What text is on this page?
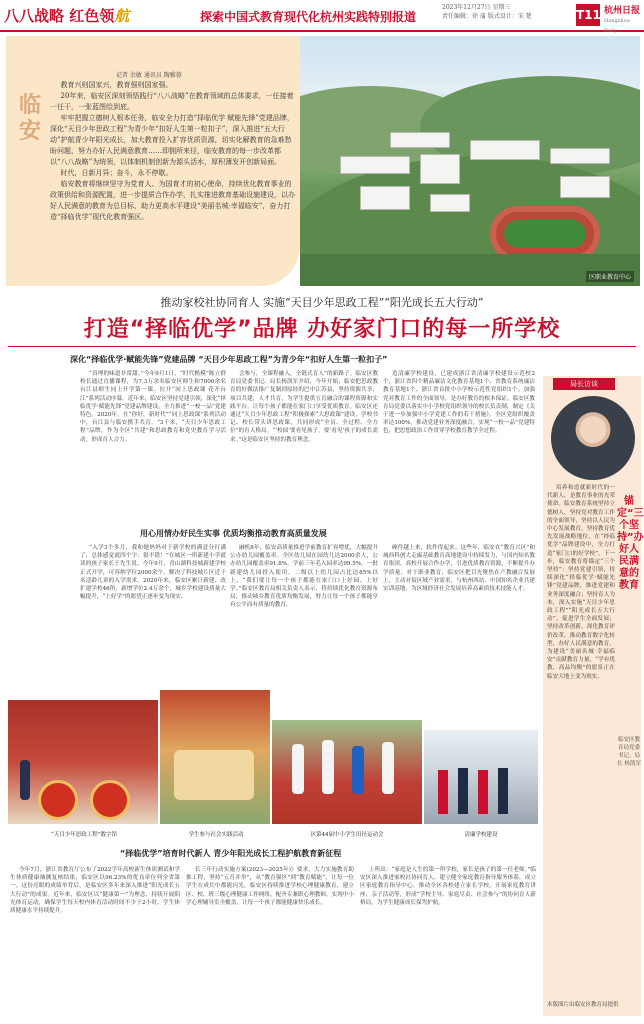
八八战略 红色领航	探索中国式教育现代化杭州实践特别报道
2023年12月27日 星期三
责任编辑：徐 蒲 版式设计：宋 楚	T11 杭州日报
Hangzhou Daily
临安
记者 余敏 通讯员 陶雅蓉

教育兴则国家兴，教育强则国家强。

20年来，临安区深刻领悟践行“八八战略”在教育领域的总体要求，一任接着一任干，一张蓝图绘到底。

牢牢把握立德树人根本任务，临安全力打造“择临优学 赋能先锋”党建品牌，深化“天目少年思政工程”为青少年“扣好人生第一粒扣子”，深入推进“五大行动”护航青少年阳光成长，加大教育投入扩容优质资源，切实化解教育的急难愁盼问题，努力办好人民满意教育……即拥所来径，临安教育的每一步改革都以“八八战略”为统领，以体制机制创新为源头活水，厚积薄发开创新局面。

时代，日新月异；奋斗，永不停歇。

临安教育将继续坚守为党育人、为国育才的初心使命，持续优化教育事业的政策供给和资源配置，进一步提质合作办学，扎实推进教育基础设施建设，以办好人民满意的教育为总目标，助力更高水平建设“美丽名城·幸福临安”，奋力打造“择临优学”现代化教育强区。

区职业教育中心
推动家校社协同育人 实施“天目少年思政工程”“阳光成长五大行动”
打造“择临优学”品牌 办好家门口的每一所学校
深化“择临优学·赋能先锋”党建品牌 “天目少年思政工程”为青少年“扣好人生第一粒扣子”

“真理的味道非常甜。”今年9月1日，“时代楷模”陈立群校长通过直播课程，为7.3万余名临安区师生和7000余名台江县师生同上开学第一课。拉开“同上思政课 花开台江”系列活动序幕。近年来，临安区坚持党建引领，深化“择临优学·赋能先锋”党建品牌建设，全力推进“一校一品”党建特色。2020年，在“你好，新时代”“同上思政课”系列活动中，台江县与临安携手共育。“3千米，“天目少年思政工程”品牌，作为全区“共建”和思政教育和党史教育学习活动，形成育人合力。

会参与，全课程融入，全链式育人”的新路子。临安区教育局党委书记、局长杨凯军介绍，今年开始，临安把思政教育的好做法推广复制到原经的巴中江苏县，坚持资源共享，项目共建，人才共育。为学生提供五育融合的课程资源和实践平台，让每个孩子都能在家门口享受优质教育。临安区还通过“天目少年思政工程”积极探索“大思政课”建设，学校书记、校长带头讲思政课，共同形成“全员、全过程、全方位”的育人格局。“‘校园’要看见孩子，要‘看见’孩子的成长需求。”这是临安区坚持的教育理念。

造清廉学校建设，已建成浙江省清廉学校建设示范校2个，浙江省四个精品廉洁文化教育基地1个、省教育系统廉洁教育基地1个、浙江省首批中小学校示范性党组织1个。加强党对教育工作的全面领导，是办好教育的根本保证。临安区教育局党委以落实中小学校党组织领导的校长负责制，制定《关于进一步加强中小学党建工作的若干措施》，全区党组织覆盖率达100%，推动党建业务深度融合，实现“一校一品”党建特色，把思想政治工作贯穿学校教育教学全过程。

用心用情办好民生实事 优质均衡推动教育高质量发展

“入学3个多月，我和她妈妈对于新学校的满意分打满了，总体感觉就四个字：很不错！”在城区一所新建小学就读的孩子家长王先生说。今年9月，青山湖科技城新建学校正式开学，可容纳学位2000余个，解决了科技城片区近千名适龄儿童的入学需求。2020年来，临安区累计新建、改扩建学校46所，新增学位2.4万余个，城乡学校建设质量大幅提升，“上好学”的愿望正逐步变为现实。

融机8年，临安高质量推进学前教育扩容增优，大幅提升公办幼儿园覆盖率。全区幼儿园在园幼儿达2000余人，公办幼儿园覆盖率91.8%，学前三年毛入园率达99.5%。一批新建幼儿园投入使用，二级以上幼儿园占比达85%以上。“我们要让每一个孩子都能在家门口上好园、上好学。”临安区教育局相关负责人表示，将持续优化教育资源布局，推动城乡教育优质均衡发展，努力让每一个孩子都能享有公平而有质量的教育。

硬件越上来，软件得起来。这些年，临安在“教育兴区”和城西科创大走廊基础教育高地建设中持续发力，与国内知名教育集团、高校开展合作办学，引进优质教育资源，不断提升办学质量。对于职业教育，临安区把目光聚焦在产教融合发展上，主动对接区域产业需求，与杭州西站、中国知名企业共建实训基地，为区域经济社会发展培养高素质技术技能人才。

“天目少年思政工程”数字馆	学生参与社会实践活动	区第44届中小学生田径运动会	清廉学校建设
“择临优学”培育时代新人 青少年阳光成长工程护航教育新征程

今年7月，浙江省教育厅公布了2022学年高校新生体质测试和学生体质健康抽测复核结果，临安区以96.23%的优良率位列全省第一。这份亮眼的成绩单背后，是临安区多年来深入推进“阳光成长五大行动”的成果。近年来，临安区以“健康第一”为理念，持续开展阳光体育运动，确保学生每天校内体育活动时间不少于2小时，学生体质健康水平持续提升。

长三年行动实施方案(2023—2025年)》要求，大力实施教育助推工程，坚持“五育并举”，从“教育强区”到“教育赋能”，让每一位学生在成长中都能闪光。临安区持续推进学校心理健康教育，建立区、校、班三级心理健康工作网络，配齐专兼职心理教师，实现中小学心理辅导室全覆盖，让每一个孩子都能健康快乐成长。

上所出：“家庭是人生的第一所学校，家长是孩子的第一任老师。”临安区深入推进家校社协同育人，建立健全家庭教育指导服务体系，成立区家庭教育指导中心，推动全区各校建立家长学校，开展家庭教育讲座、亲子活动等，形成“学校主导、家庭尽责、社会参与”的协同育人新格局，为学生健康成长保驾护航。

局长访谈

培养和造就新时代的一代新人，是教育事业的光荣使命。临安教育系统坚持立德树人，坚持党对教育工作的全面领导，坚持以人民为中心发展教育，坚持教育优先发展战略地位，在“择临优学”品牌建设中，全力打造“家门口的好学校”。下一步，临安教育将锚定“三个坚持”：坚持党建引领，持续深化“择临优学·赋能先锋”党建品牌，推进党建和业务深度融合；坚持育人为本，深入实施“天目少年思政工程”“阳光成长五大行动”，促进学生全面发展；坚持改革创新，深化教育评价改革，推动教育数字化转型，办好人民满意的教育，为建设“美丽名城·幸福临安”贡献教育力量。“学有优教、高品均衡”的愿景正在临安大地上变为现实。

锚定“三个坚持”办好人民满意的教育
临安区教育局党委书记、局长 杨凯军
本版图片由临安区教育局提供
